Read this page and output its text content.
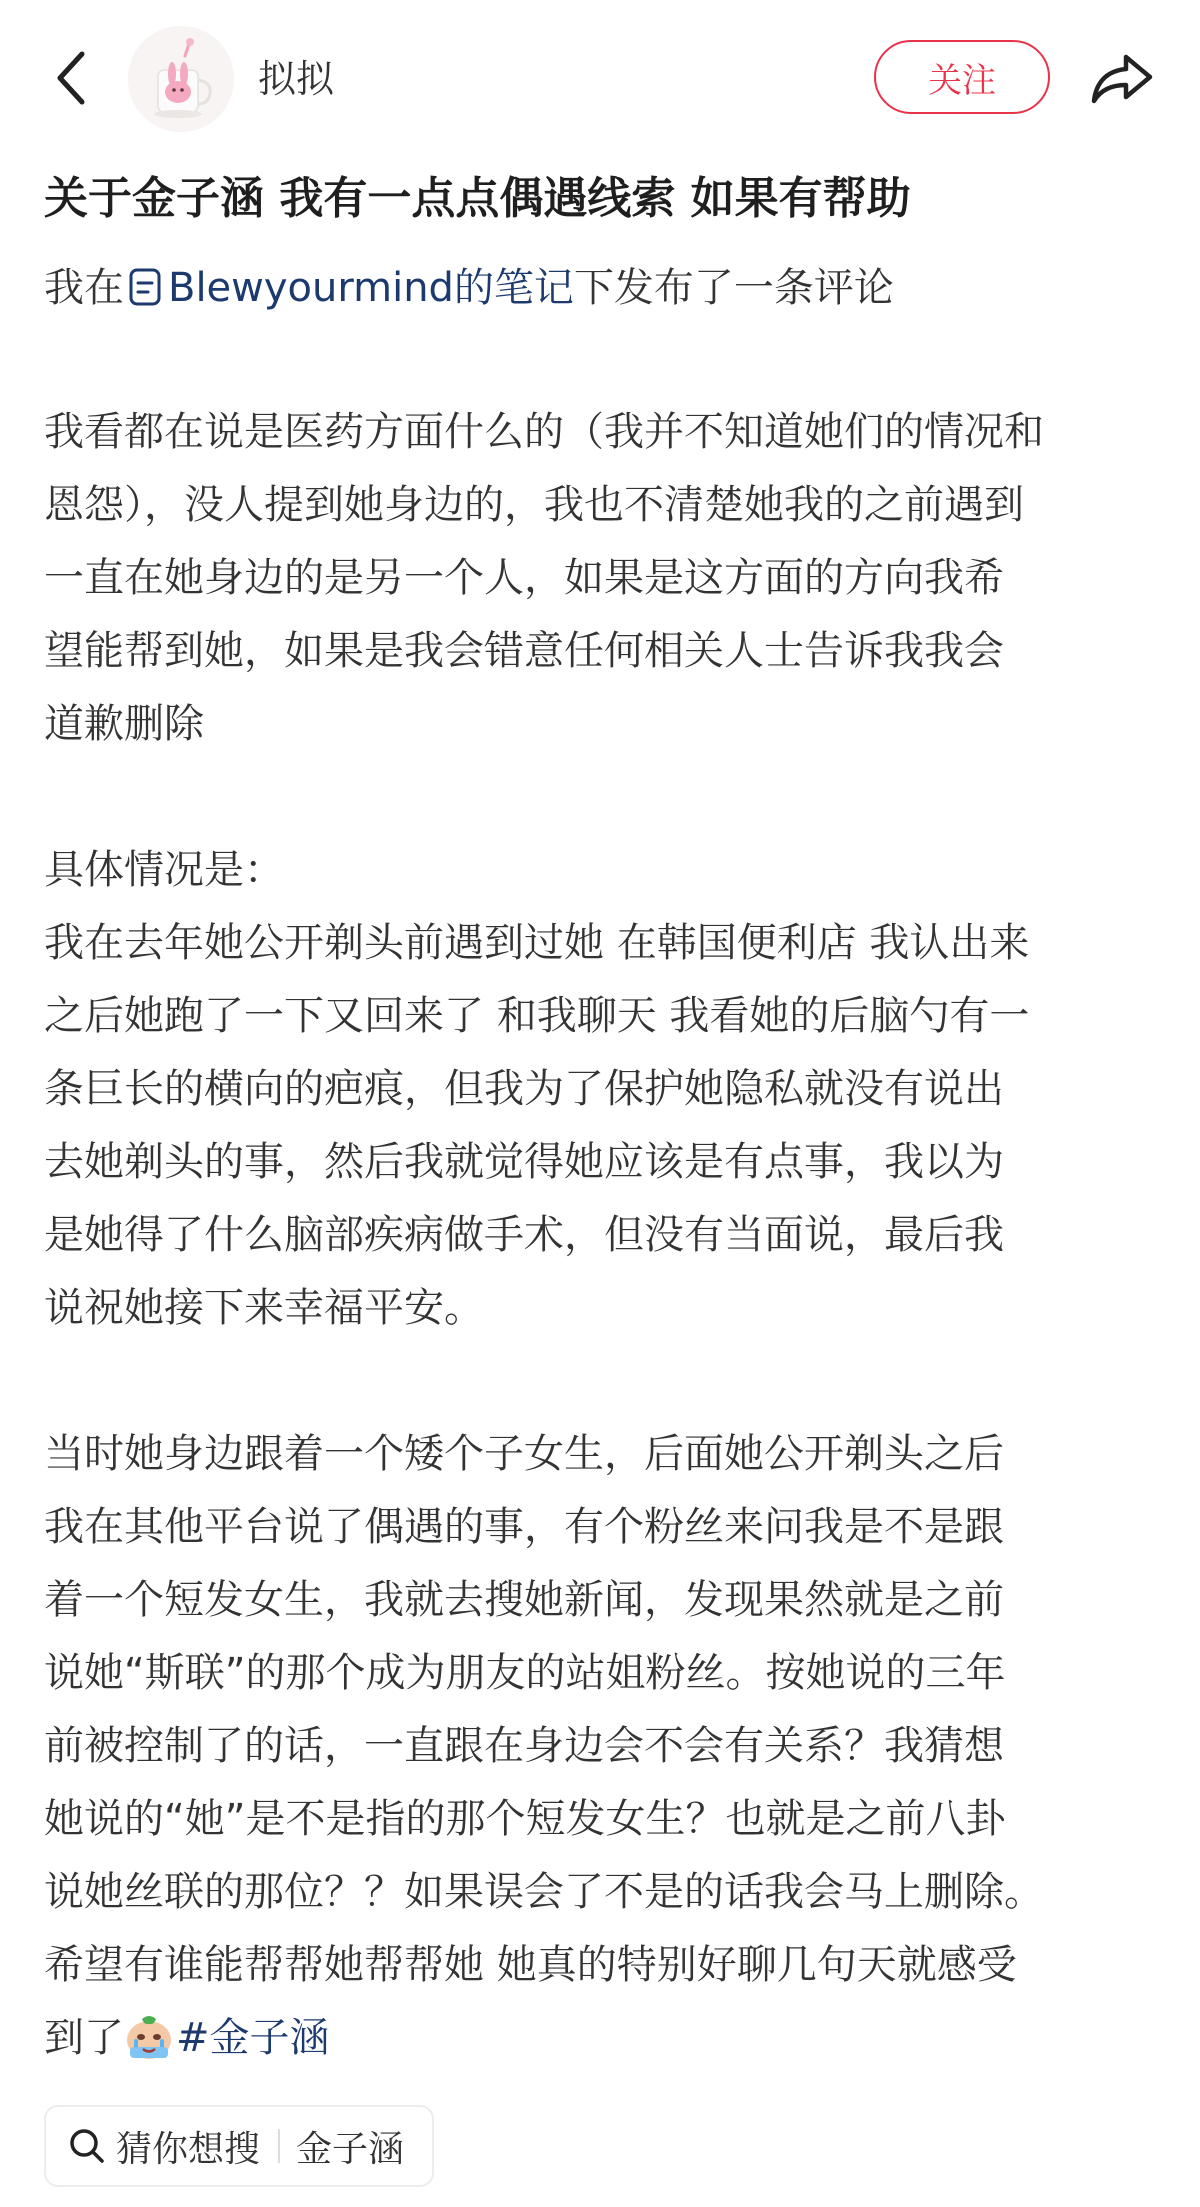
拟拟	关注
关于金子涵 我有一点点偶遇线索 如果有帮助
我在 Blewyourmind的笔记下发布了一条评论
我看都在说是医药方面什么的（我并不知道她们的情况和
恩怨），没人提到她身边的，我也不清楚她我的之前遇到
一直在她身边的是另一个人，如果是这方面的方向我希
望能帮到她，如果是我会错意任何相关人士告诉我我会
道歉删除
具体情况是：
我在去年她公开剃头前遇到过她 在韩国便利店 我认出来
之后她跑了一下又回来了 和我聊天 我看她的后脑勺有一
条巨长的横向的疤痕，但我为了保护她隐私就没有说出
去她剃头的事，然后我就觉得她应该是有点事，我以为
是她得了什么脑部疾病做手术，但没有当面说，最后我
说祝她接下来幸福平安。
当时她身边跟着一个矮个子女生，后面她公开剃头之后
我在其他平台说了偶遇的事，有个粉丝来问我是不是跟
着一个短发女生，我就去搜她新闻，发现果然就是之前
说她“斯联”的那个成为朋友的站姐粉丝。按她说的三年
前被控制了的话，一直跟在身边会不会有关系？我猜想
她说的“她”是不是指的那个短发女生？也就是之前八卦
说她丝联的那位？？如果误会了不是的话我会马上删除。
希望有谁能帮帮她帮帮她 她真的特别好聊几句天就感受
到了 #金子涵
猜你想搜 金子涵
